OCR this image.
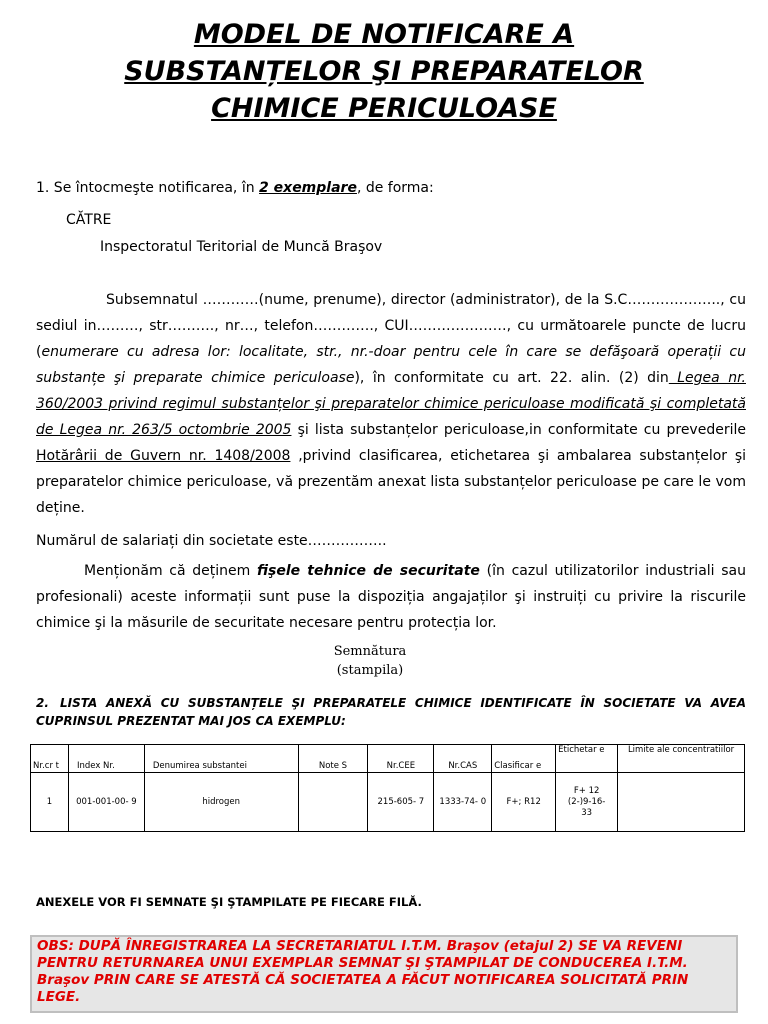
MODEL DE NOTIFICARE A
SUBSTANȚELOR ŞI PREPARATELOR
CHIMICE PERICULOASE

1. Se întocmeşte notificarea, în 2 exemplare, de forma:

CĂTRE

Inspectoratul Teritorial de Muncă Braşov

Subsemnatul …………(nume, prenume), director (administrator), de la S.C……………….., cu sediul in………, str………., nr…, telefon…………., CUI…………………, cu următoarele puncte de lucru (enumerare cu adresa lor: localitate, str., nr.-doar pentru cele în care se defăşoară operații cu substanțe şi preparate chimice periculoase), în conformitate cu art. 22. alin. (2) din Legea nr. 360/2003 privind regimul substanțelor şi preparatelor chimice periculoase modificată şi completată de Legea nr. 263/5 octombrie 2005 şi lista substanțelor periculoase,in conformitate cu prevederile Hotărârii de Guvern nr. 1408/2008 ,privind clasificarea, etichetarea şi ambalarea substanțelor şi preparatelor chimice periculoase, vă prezentăm anexat lista substanțelor periculoase pe care le vom deține.

Numărul de salariați din societate este……………..

Menționăm că deținem fişele tehnice de securitate (în cazul utilizatorilor industriali sau profesionali) aceste informații sunt puse la dispoziția angajaților şi instruiți cu privire la riscurile chimice şi la măsurile de securitate necesare pentru protecția lor.

Semnătura
(stampila)
2. LISTA ANEXĂ CU SUBSTANȚELE ŞI PREPARATELE CHIMICE IDENTIFICATE ÎN SOCIETATE VA AVEA CUPRINSUL PREZENTAT MAI JOS CA EXEMPLU:
Nr.cr t	Index Nr.	Denumirea substantei	Note S	Nr.CEE	Nr.CAS	Clasificar e	Etichetar e	Limite ale concentratiilor
1	001-001-00- 9	hidrogen		215-605- 7	1333-74- 0	F+; R12	F+ 12 (2-)9-16- 33	
ANEXELE VOR FI SEMNATE ŞI ŞTAMPILATE PE FIECARE FILĂ.
OBS: DUPĂ ÎNREGISTRAREA LA SECRETARIATUL I.T.M. Braşov (etajul 2) SE VA REVENI PENTRU RETURNAREA UNUI EXEMPLAR SEMNAT ŞI ŞTAMPILAT DE CONDUCEREA I.T.M. Braşov PRIN CARE SE ATESTĂ CĂ SOCIETATEA A FĂCUT NOTIFICAREA SOLICITATĂ PRIN LEGE.
